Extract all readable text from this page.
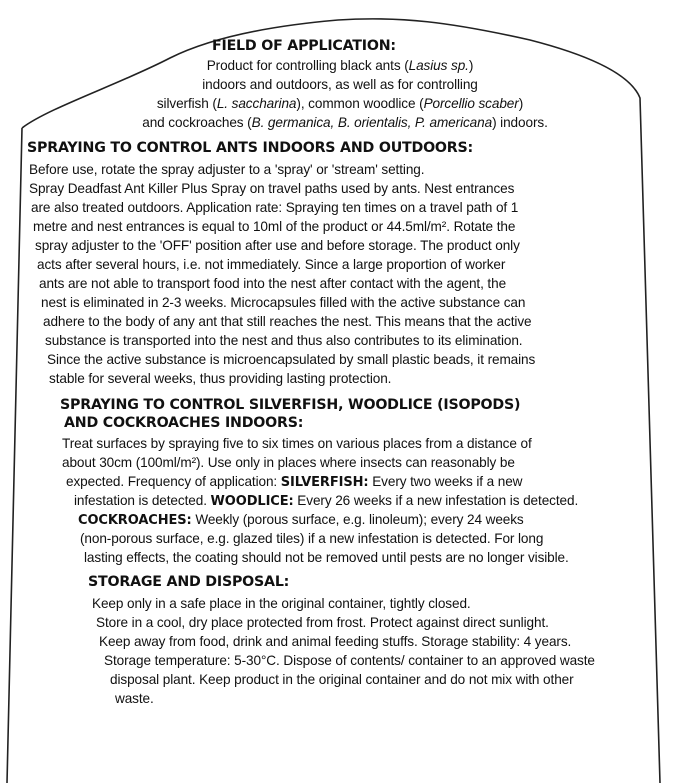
FIELD OF APPLICATION:
Product for controlling black ants (Lasius sp.)
indoors and outdoors, as well as for controlling
silverfish (L. saccharina), common woodlice (Porcellio scaber)
and cockroaches (B. germanica, B. orientalis, P. americana) indoors.
SPRAYING TO CONTROL ANTS INDOORS AND OUTDOORS:
Before use, rotate the spray adjuster to a 'spray' or 'stream' setting.
Spray Deadfast Ant Killer Plus Spray on travel paths used by ants. Nest entrances
are also treated outdoors. Application rate: Spraying ten times on a travel path of 1
metre and nest entrances is equal to 10ml of the product or 44.5ml/m². Rotate the
spray adjuster to the 'OFF' position after use and before storage. The product only
acts after several hours, i.e. not immediately. Since a large proportion of worker
ants are not able to transport food into the nest after contact with the agent, the
nest is eliminated in 2-3 weeks. Microcapsules filled with the active substance can
adhere to the body of any ant that still reaches the nest. This means that the active
substance is transported into the nest and thus also contributes to its elimination.
Since the active substance is microencapsulated by small plastic beads, it remains
stable for several weeks, thus providing lasting protection.
SPRAYING TO CONTROL SILVERFISH, WOODLICE (ISOPODS)
AND COCKROACHES INDOORS:
Treat surfaces by spraying five to six times on various places from a distance of
about 30cm (100ml/m²). Use only in places where insects can reasonably be
expected. Frequency of application: SILVERFISH: Every two weeks if a new
infestation is detected. WOODLICE: Every 26 weeks if a new infestation is detected.
COCKROACHES: Weekly (porous surface, e.g. linoleum); every 24 weeks
(non-porous surface, e.g. glazed tiles) if a new infestation is detected. For long
lasting effects, the coating should not be removed until pests are no longer visible.
STORAGE AND DISPOSAL:
Keep only in a safe place in the original container, tightly closed.
Store in a cool, dry place protected from frost. Protect against direct sunlight.
Keep away from food, drink and animal feeding stuffs. Storage stability: 4 years.
Storage temperature: 5-30°C. Dispose of contents/ container to an approved waste
disposal plant. Keep product in the original container and do not mix with other
waste.
